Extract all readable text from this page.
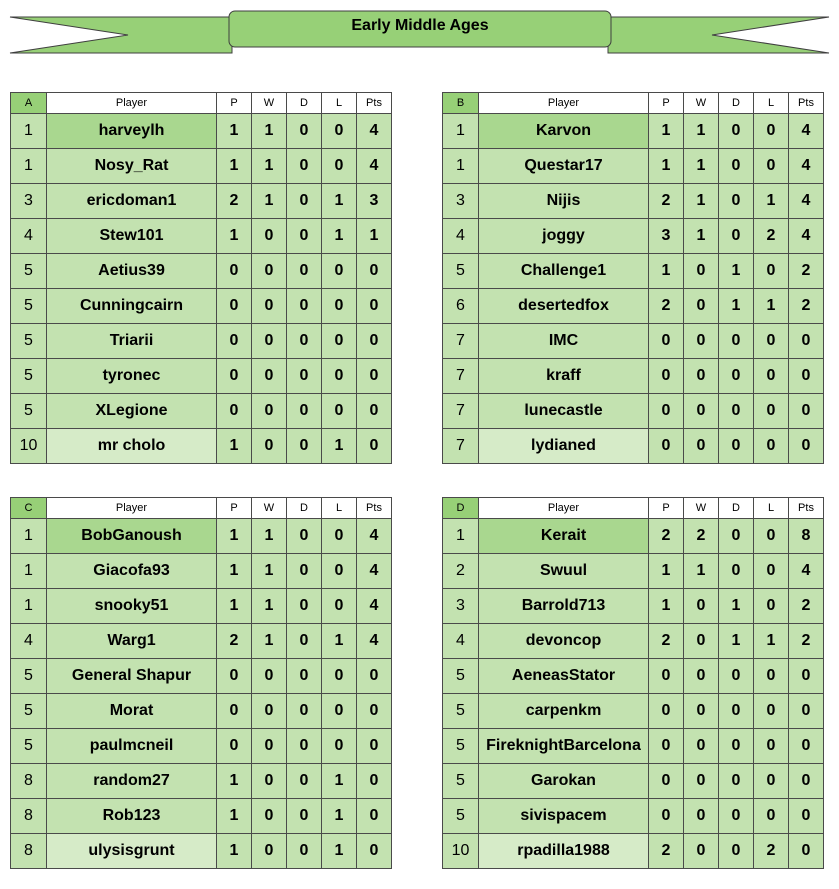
Early Middle Ages
A	Player	P	W	D	L	Pts
1	harveylh	1	1	0	0	4
1	Nosy_Rat	1	1	0	0	4
3	ericdoman1	2	1	0	1	3
4	Stew101	1	0	0	1	1
5	Aetius39	0	0	0	0	0
5	Cunningcairn	0	0	0	0	0
5	Triarii	0	0	0	0	0
5	tyronec	0	0	0	0	0
5	XLegione	0	0	0	0	0
10	mr cholo	1	0	0	1	0
B	Player	P	W	D	L	Pts
1	Karvon	1	1	0	0	4
1	Questar17	1	1	0	0	4
3	Nijis	2	1	0	1	4
4	joggy	3	1	0	2	4
5	Challenge1	1	0	1	0	2
6	desertedfox	2	0	1	1	2
7	IMC	0	0	0	0	0
7	kraff	0	0	0	0	0
7	lunecastle	0	0	0	0	0
7	lydianed	0	0	0	0	0
C	Player	P	W	D	L	Pts
1	BobGanoush	1	1	0	0	4
1	Giacofa93	1	1	0	0	4
1	snooky51	1	1	0	0	4
4	Warg1	2	1	0	1	4
5	General Shapur	0	0	0	0	0
5	Morat	0	0	0	0	0
5	paulmcneil	0	0	0	0	0
8	random27	1	0	0	1	0
8	Rob123	1	0	0	1	0
8	ulysisgrunt	1	0	0	1	0
D	Player	P	W	D	L	Pts
1	Kerait	2	2	0	0	8
2	Swuul	1	1	0	0	4
3	Barrold713	1	0	1	0	2
4	devoncop	2	0	1	1	2
5	AeneasStator	0	0	0	0	0
5	carpenkm	0	0	0	0	0
5	FireknightBarcelona	0	0	0	0	0
5	Garokan	0	0	0	0	0
5	sivispacem	0	0	0	0	0
10	rpadilla1988	2	0	0	2	0
